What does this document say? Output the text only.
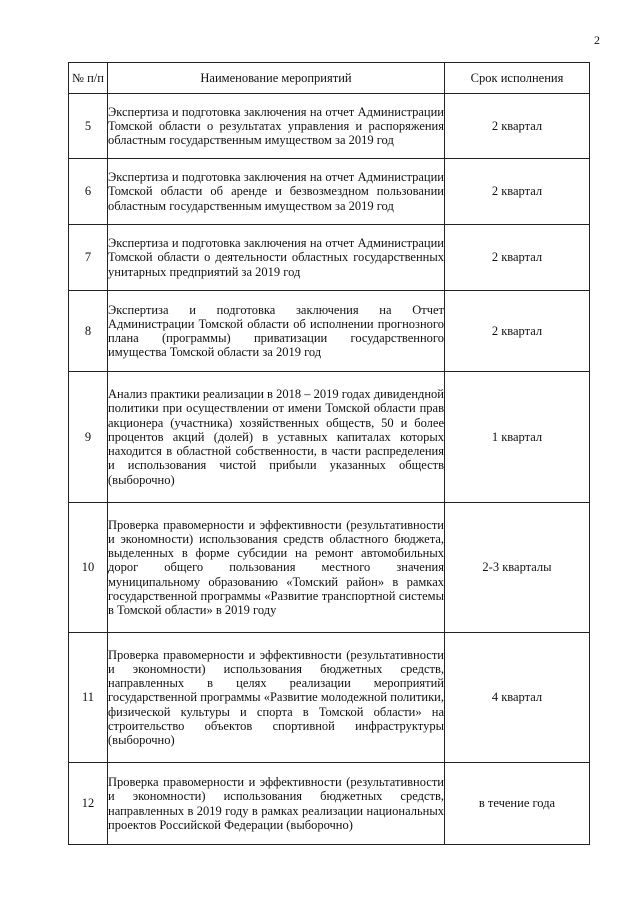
2
№ п/п	Наименование мероприятий	Срок исполнения
5	Экспертиза и подготовка заключения на отчет Администрации Томской области о результатах управления и распоряжения областным государственным имуществом за 2019 год	2 квартал
6	Экспертиза и подготовка заключения на отчет Администрации Томской области об аренде и безвозмездном пользовании областным государственным имуществом за 2019 год	2 квартал
7	Экспертиза и подготовка заключения на отчет Администрации Томской области о деятельности областных государственных унитарных предприятий за 2019 год	2 квартал
8	Экспертиза и подготовка заключения на Отчет Администрации Томской области об исполнении прогнозного плана (программы) приватизации государственного имущества Томской области за 2019 год	2 квартал
9	Анализ практики реализации в 2018 – 2019 годах дивидендной политики при осуществлении от имени Томской области прав акционера (участника) хозяйственных обществ, 50 и более процентов акций (долей) в уставных капиталах которых находится в областной собственности, в части распределения и использования чистой прибыли указанных обществ (выборочно)	1 квартал
10	Проверка правомерности и эффективности (результативности и экономности) использования средств областного бюджета, выделенных в форме субсидии на ремонт автомобильных дорог общего пользования местного значения муниципальному образованию «Томский район» в рамках государственной программы «Развитие транспортной системы в Томской области» в 2019 году	2-3 кварталы
11	Проверка правомерности и эффективности (результативности и экономности) использования бюджетных средств, направленных в целях реализации мероприятий государственной программы «Развитие молодежной политики, физической культуры и спорта в Томской области» на строительство объектов спортивной инфраструктуры (выборочно)	4 квартал
12	Проверка правомерности и эффективности (результативности и экономности) использования бюджетных средств, направленных в 2019 году в рамках реализации национальных проектов Российской Федерации (выборочно)	в течение года
